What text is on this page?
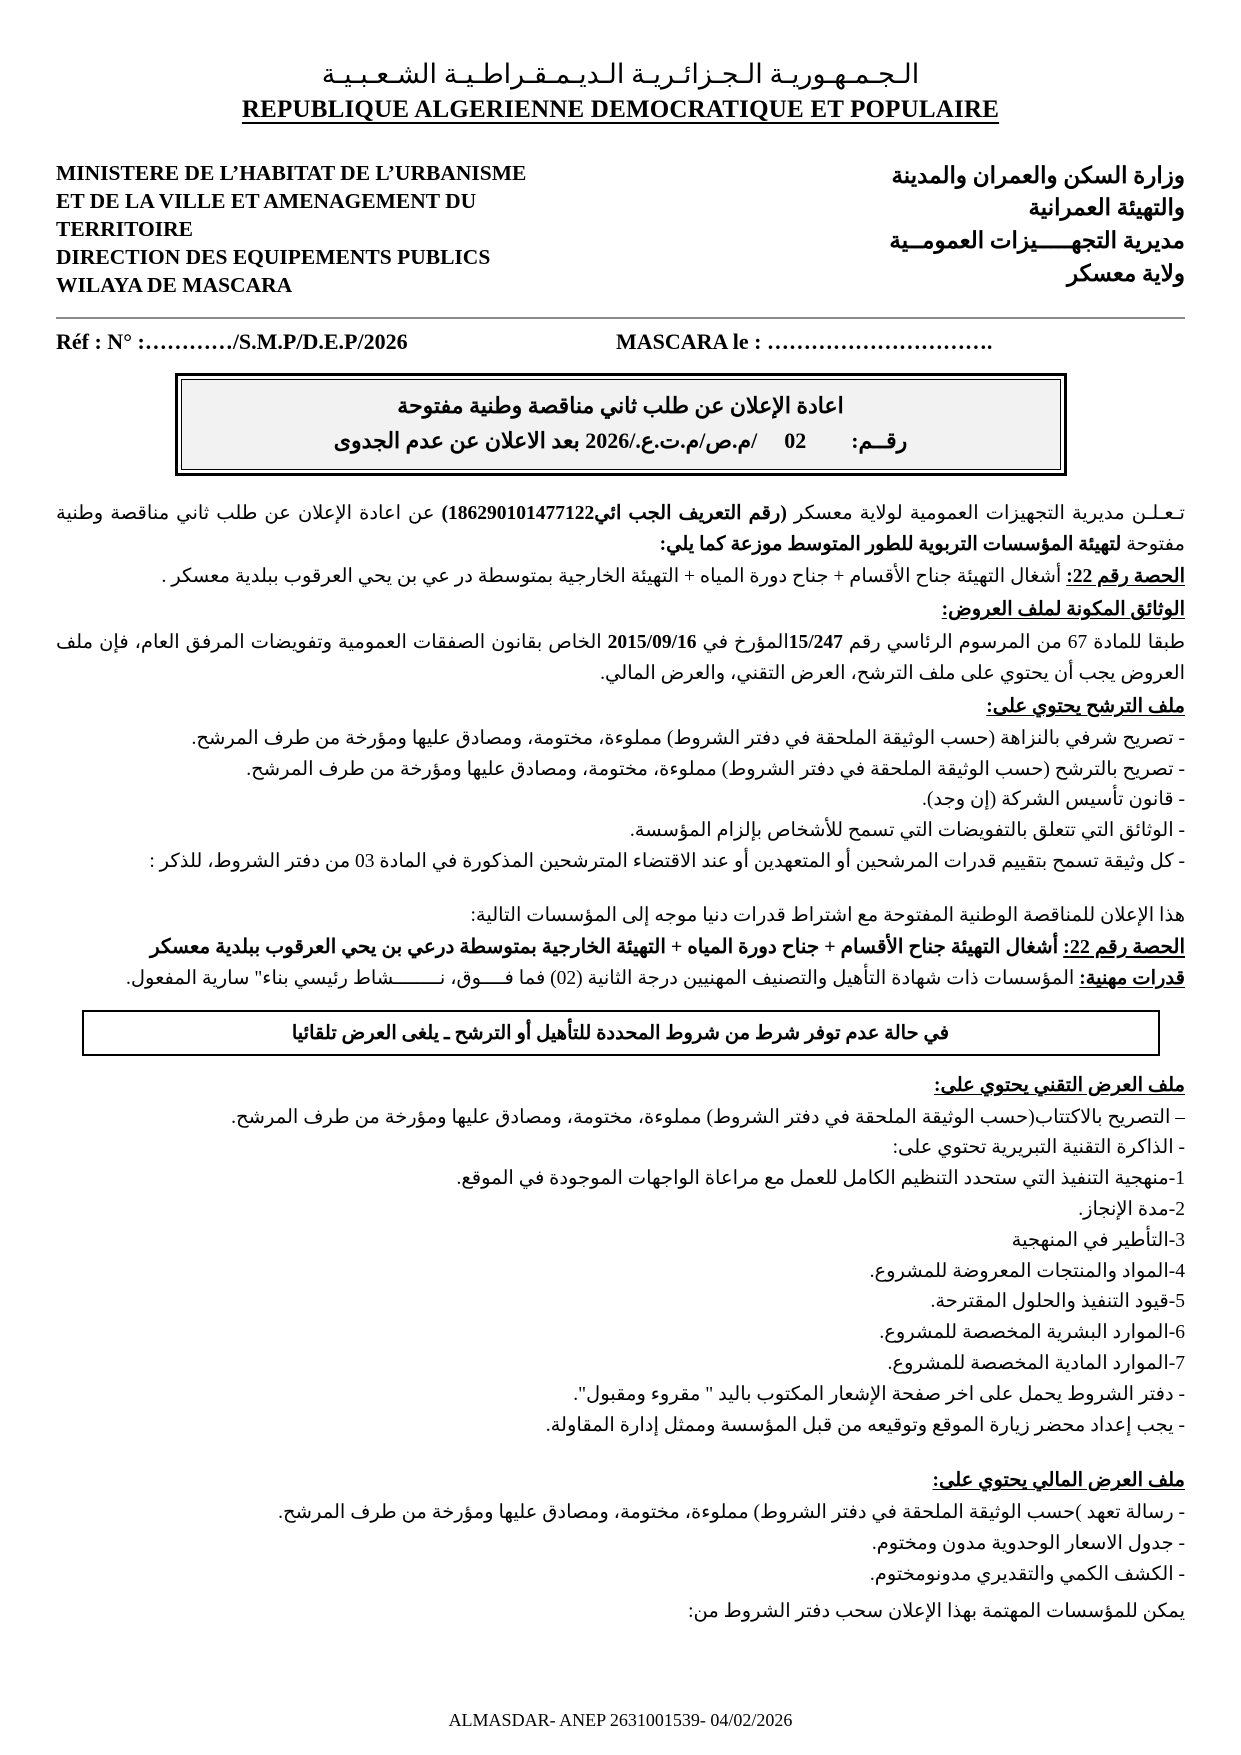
الـجـمـهـوريـة الـجـزائـريـة الـديـمـقـراطـيـة الشـعـبـيـة
REPUBLIQUE ALGERIENNE DEMOCRATIQUE ET POPULAIRE
MINISTERE DE L’HABITAT DE L’URBANISME
ET DE LA VILLE ET AMENAGEMENT DU
TERRITOIRE
DIRECTION DES EQUIPEMENTS PUBLICS
WILAYA DE MASCARA
وزارة السكن والعمران والمدينة
والتهيئة العمرانية
مديرية التجهـــــيزات العمومــية
ولاية معسكر
Réf : N° :…………/S.M.P/D.E.P/2026	MASCARA le : ………………………….
اعادة الإعلان عن طلب ثاني مناقصة وطنية مفتوحة
رقــم:  02  /م.ص/م.ت.ع./2026 بعد الاعلان عن عدم الجدوى

تـعـلـن مديرية التجهيزات العمومية لولاية معسكر (رقم التعريف الجب ائي186290101477122) عن اعادة الإعلان عن طلب ثاني مناقصة وطنية مفتوحة لتهيئة المؤسسات التربوية للطور المتوسط موزعة كما يلي:

الحصة رقم 22: أشغال التهيئة جناح الأقسام + جناح دورة المياه + التهيئة الخارجية بمتوسطة در عي بن يحي العرقوب ببلدية معسكر .

الوثائق المكونة لملف العروض:

طبقا للمادة 67 من المرسوم الرئاسي رقم 15/247المؤرخ في 2015/09/16 الخاص بقانون الصفقات العمومية وتفويضات المرفق العام، فإن ملف العروض يجب أن يحتوي على ملف الترشح، العرض التقني، والعرض المالي.

ملف الترشح يحتوي على:

- تصريح شرفي بالنزاهة (حسب الوثيقة الملحقة في دفتر الشروط) مملوءة، مختومة، ومصادق عليها ومؤرخة من طرف المرشح.

- تصريح بالترشح (حسب الوثيقة الملحقة في دفتر الشروط) مملوءة، مختومة، ومصادق عليها ومؤرخة من طرف المرشح.

- قانون تأسيس الشركة (إن وجد).

- الوثائق التي تتعلق بالتفويضات التي تسمح للأشخاص بإلزام المؤسسة.

- كل وثيقة تسمح بتقييم قدرات المرشحين أو المتعهدين أو عند الاقتضاء المترشحين المذكورة في المادة 03 من دفتر الشروط، للذكر :

هذا الإعلان للمناقصة الوطنية المفتوحة مع اشتراط قدرات دنيا موجه إلى المؤسسات التالية:

الحصة رقم 22: أشغال التهيئة جناح الأقسام + جناح دورة المياه + التهيئة الخارجية بمتوسطة درعي بن يحي العرقوب ببلدية معسكر

قدرات مهنية: المؤسسات ذات شهادة التأهيل والتصنيف المهنيين درجة الثانية (02) فما فــــوق، نــــــــشاط رئيسي بناء" سارية المفعول.

في حالة عدم توفر شرط من شروط المحددة للتأهيل أو الترشح ـ يلغى العرض تلقائيا
ملف العرض التقني يحتوي على:

– التصريح بالاكتتاب(حسب الوثيقة الملحقة في دفتر الشروط) مملوءة، مختومة، ومصادق عليها ومؤرخة من طرف المرشح.

- الذاكرة التقنية التبريرية تحتوي على:

1-منهجية التنفيذ التي ستحدد التنظيم الكامل للعمل مع مراعاة الواجهات الموجودة في الموقع.

2-مدة الإنجاز.

3-التأطير في المنهجية

4-المواد والمنتجات المعروضة للمشروع.

5-قيود التنفيذ والحلول المقترحة.

6-الموارد البشرية المخصصة للمشروع.

7-الموارد المادية المخصصة للمشروع.

- دفتر الشروط يحمل على اخر صفحة الإشعار المكتوب باليد " مقروء ومقبول".

- يجب إعداد محضر زيارة الموقع وتوقيعه من قبل المؤسسة وممثل إدارة المقاولة.

ملف العرض المالي يحتوي على:

- رسالة تعهد )حسب الوثيقة الملحقة في دفتر الشروط) مملوءة، مختومة، ومصادق عليها ومؤرخة من طرف المرشح.

- جدول الاسعار الوحدوية مدون ومختوم.

- الكشف الكمي والتقديري مدونومختوم.

يمكن للمؤسسات المهتمة بهذا الإعلان سحب دفتر الشروط من:

ALMASDAR- ANEP 2631001539- 04/02/2026
